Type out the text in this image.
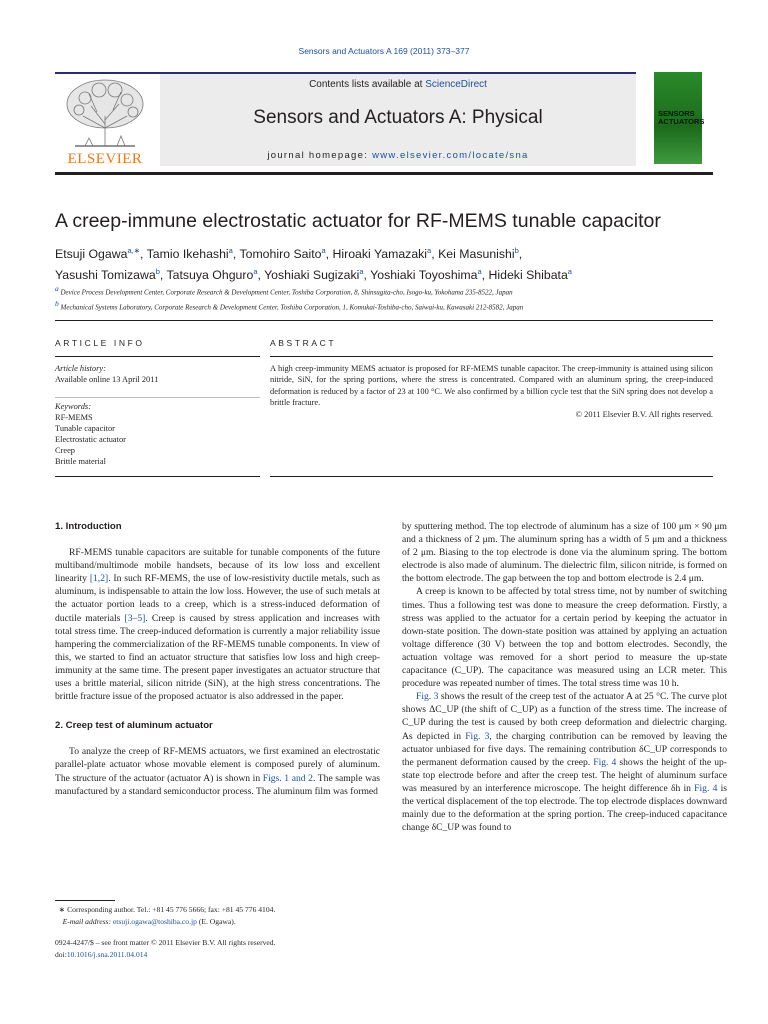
Sensors and Actuators A 169 (2011) 373–377
ELSEVIER
Contents lists available at ScienceDirect
Sensors and Actuators A: Physical
journal homepage: www.elsevier.com/locate/sna
SENSORS
ACTUATORS
A creep-immune electrostatic actuator for RF-MEMS tunable capacitor
Etsuji Ogawa$^{a,∗}$, Tamio Ikehashi$^a$, Tomohiro Saito$^a$, Hiroaki Yamazaki$^a$, Kei Masunishi$^b$,
Yasushi Tomizawa$^b$, Tatsuya Ohguro$^a$, Yoshiaki Sugizaki$^a$, Yoshiaki Toyoshima$^a$, Hideki Shibata$^a$
$^a$ Device Process Development Center, Corporate Research & Development Center, Toshiba Corporation, 8, Shinsugita-cho, Isogo-ku, Yokohama 235-8522, Japan
$^b$ Mechanical Systems Laboratory, Corporate Research & Development Center, Toshiba Corporation, 1, Komukai-Toshiba-cho, Saiwai-ku, Kawasaki 212-8582, Japan
ARTICLE INFO	ABSTRACT
Article history:
Available online 13 April 2011
Keywords:
RF-MEMS
Tunable capacitor
Electrostatic actuator
Creep
Brittle material
A high creep-immunity MEMS actuator is proposed for RF-MEMS tunable capacitor. The creep-immunity is attained using silicon nitride, SiN, for the spring portions, where the stress is concentrated. Compared with an aluminum spring, the creep-induced deformation is reduced by a factor of 23 at 100 °C. We also confirmed by a billion cycle test that the SiN spring does not develop a brittle fracture.
© 2011 Elsevier B.V. All rights reserved.
1. Introduction

RF-MEMS tunable capacitors are suitable for tunable components of the future multiband/multimode mobile handsets, because of its low loss and excellent linearity [1,2]. In such RF-MEMS, the use of low-resistivity ductile metals, such as aluminum, is indispensable to attain the low loss. However, the use of such metals at the actuator portion leads to a creep, which is a stress-induced deformation of ductile materials [3–5]. Creep is caused by stress application and increases with total stress time. The creep-induced deformation is currently a major reliability issue hampering the commercialization of the RF-MEMS tunable components. In view of this, we started to find an actuator structure that satisfies low loss and high creep-immunity at the same time. The present paper investigates an actuator structure that uses a brittle material, silicon nitride (SiN), at the high stress concentrations. The brittle fracture issue of the proposed actuator is also addressed in the paper.

2. Creep test of aluminum actuator

To analyze the creep of RF-MEMS actuators, we first examined an electrostatic parallel-plate actuator whose movable element is composed purely of aluminum. The structure of the actuator (actuator A) is shown in Figs. 1 and 2. The sample was manufactured by a standard semiconductor process. The aluminum film was formed

by sputtering method. The top electrode of aluminum has a size of 100 μm × 90 μm and a thickness of 2 μm. The aluminum spring has a width of 5 μm and a thickness of 2 μm. Biasing to the top electrode is done via the aluminum spring. The bottom electrode is also made of aluminum. The dielectric film, silicon nitride, is formed on the bottom electrode. The gap between the top and bottom electrode is 2.4 μm.

A creep is known to be affected by total stress time, not by number of switching times. Thus a following test was done to measure the creep deformation. Firstly, a stress was applied to the actuator for a certain period by keeping the actuator in down-state position. The down-state position was attained by applying an actuation voltage difference (30 V) between the top and bottom electrodes. Secondly, the actuation voltage was removed for a short period to measure the up-state capacitance (C_UP). The capacitance was measured using an LCR meter. This procedure was repeated number of times. The total stress time was 10 h.

Fig. 3 shows the result of the creep test of the actuator A at 25 °C. The curve plot shows ΔC_UP (the shift of C_UP) as a function of the stress time. The increase of C_UP during the test is caused by both creep deformation and dielectric charging. As depicted in Fig. 3, the charging contribution can be removed by leaving the actuator unbiased for five days. The remaining contribution δC_UP corresponds to the permanent deformation caused by the creep. Fig. 4 shows the height of the up-state top electrode before and after the creep test. The height of aluminum surface was measured by an interference microscope. The height difference δh in Fig. 4 is the vertical displacement of the top electrode. The top electrode displaces downward mainly due to the deformation at the spring portion. The creep-induced capacitance change δC_UP was found to

∗ Corresponding author. Tel.: +81 45 776 5666; fax: +81 45 776 4104.
E-mail address: etsuji.ogawa@toshiba.co.jp (E. Ogawa).
0924-4247/$ – see front matter © 2011 Elsevier B.V. All rights reserved.
doi:10.1016/j.sna.2011.04.014
